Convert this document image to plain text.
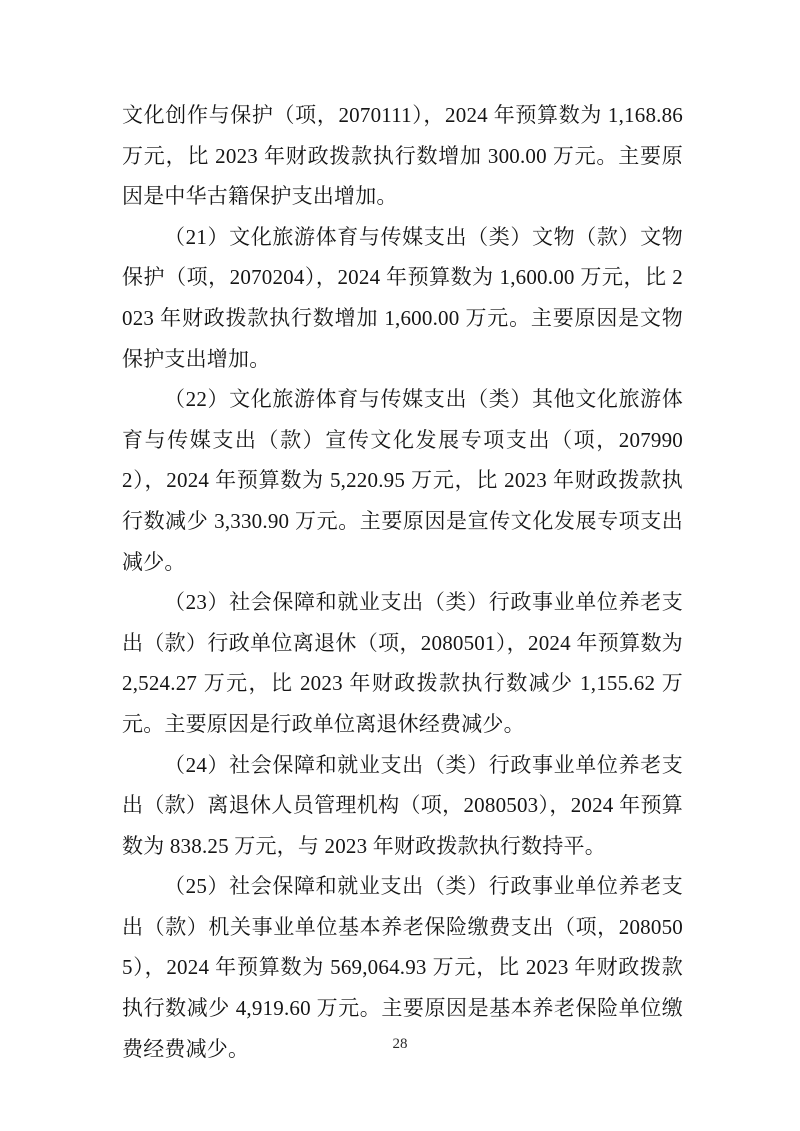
文化创作与保护（项，2070111），2024 年预算数为 1,168.86 万元，比 2023 年财政拨款执行数增加 300.00 万元。主要原因是中华古籍保护支出增加。

（21）文化旅游体育与传媒支出（类）文物（款）文物保护（项，2070204），2024 年预算数为 1,600.00 万元，比 2023 年财政拨款执行数增加 1,600.00 万元。主要原因是文物保护支出增加。

（22）文化旅游体育与传媒支出（类）其他文化旅游体育与传媒支出（款）宣传文化发展专项支出（项，2079902），2024 年预算数为 5,220.95 万元，比 2023 年财政拨款执行数减少 3,330.90 万元。主要原因是宣传文化发展专项支出减少。

（23）社会保障和就业支出（类）行政事业单位养老支出（款）行政单位离退休（项，2080501），2024 年预算数为 2,524.27 万元，比 2023 年财政拨款执行数减少 1,155.62 万元。主要原因是行政单位离退休经费减少。

（24）社会保障和就业支出（类）行政事业单位养老支出（款）离退休人员管理机构（项，2080503），2024 年预算数为 838.25 万元，与 2023 年财政拨款执行数持平。

（25）社会保障和就业支出（类）行政事业单位养老支出（款）机关事业单位基本养老保险缴费支出（项，2080505），2024 年预算数为 569,064.93 万元，比 2023 年财政拨款执行数减少 4,919.60 万元。主要原因是基本养老保险单位缴费经费减少。	28
